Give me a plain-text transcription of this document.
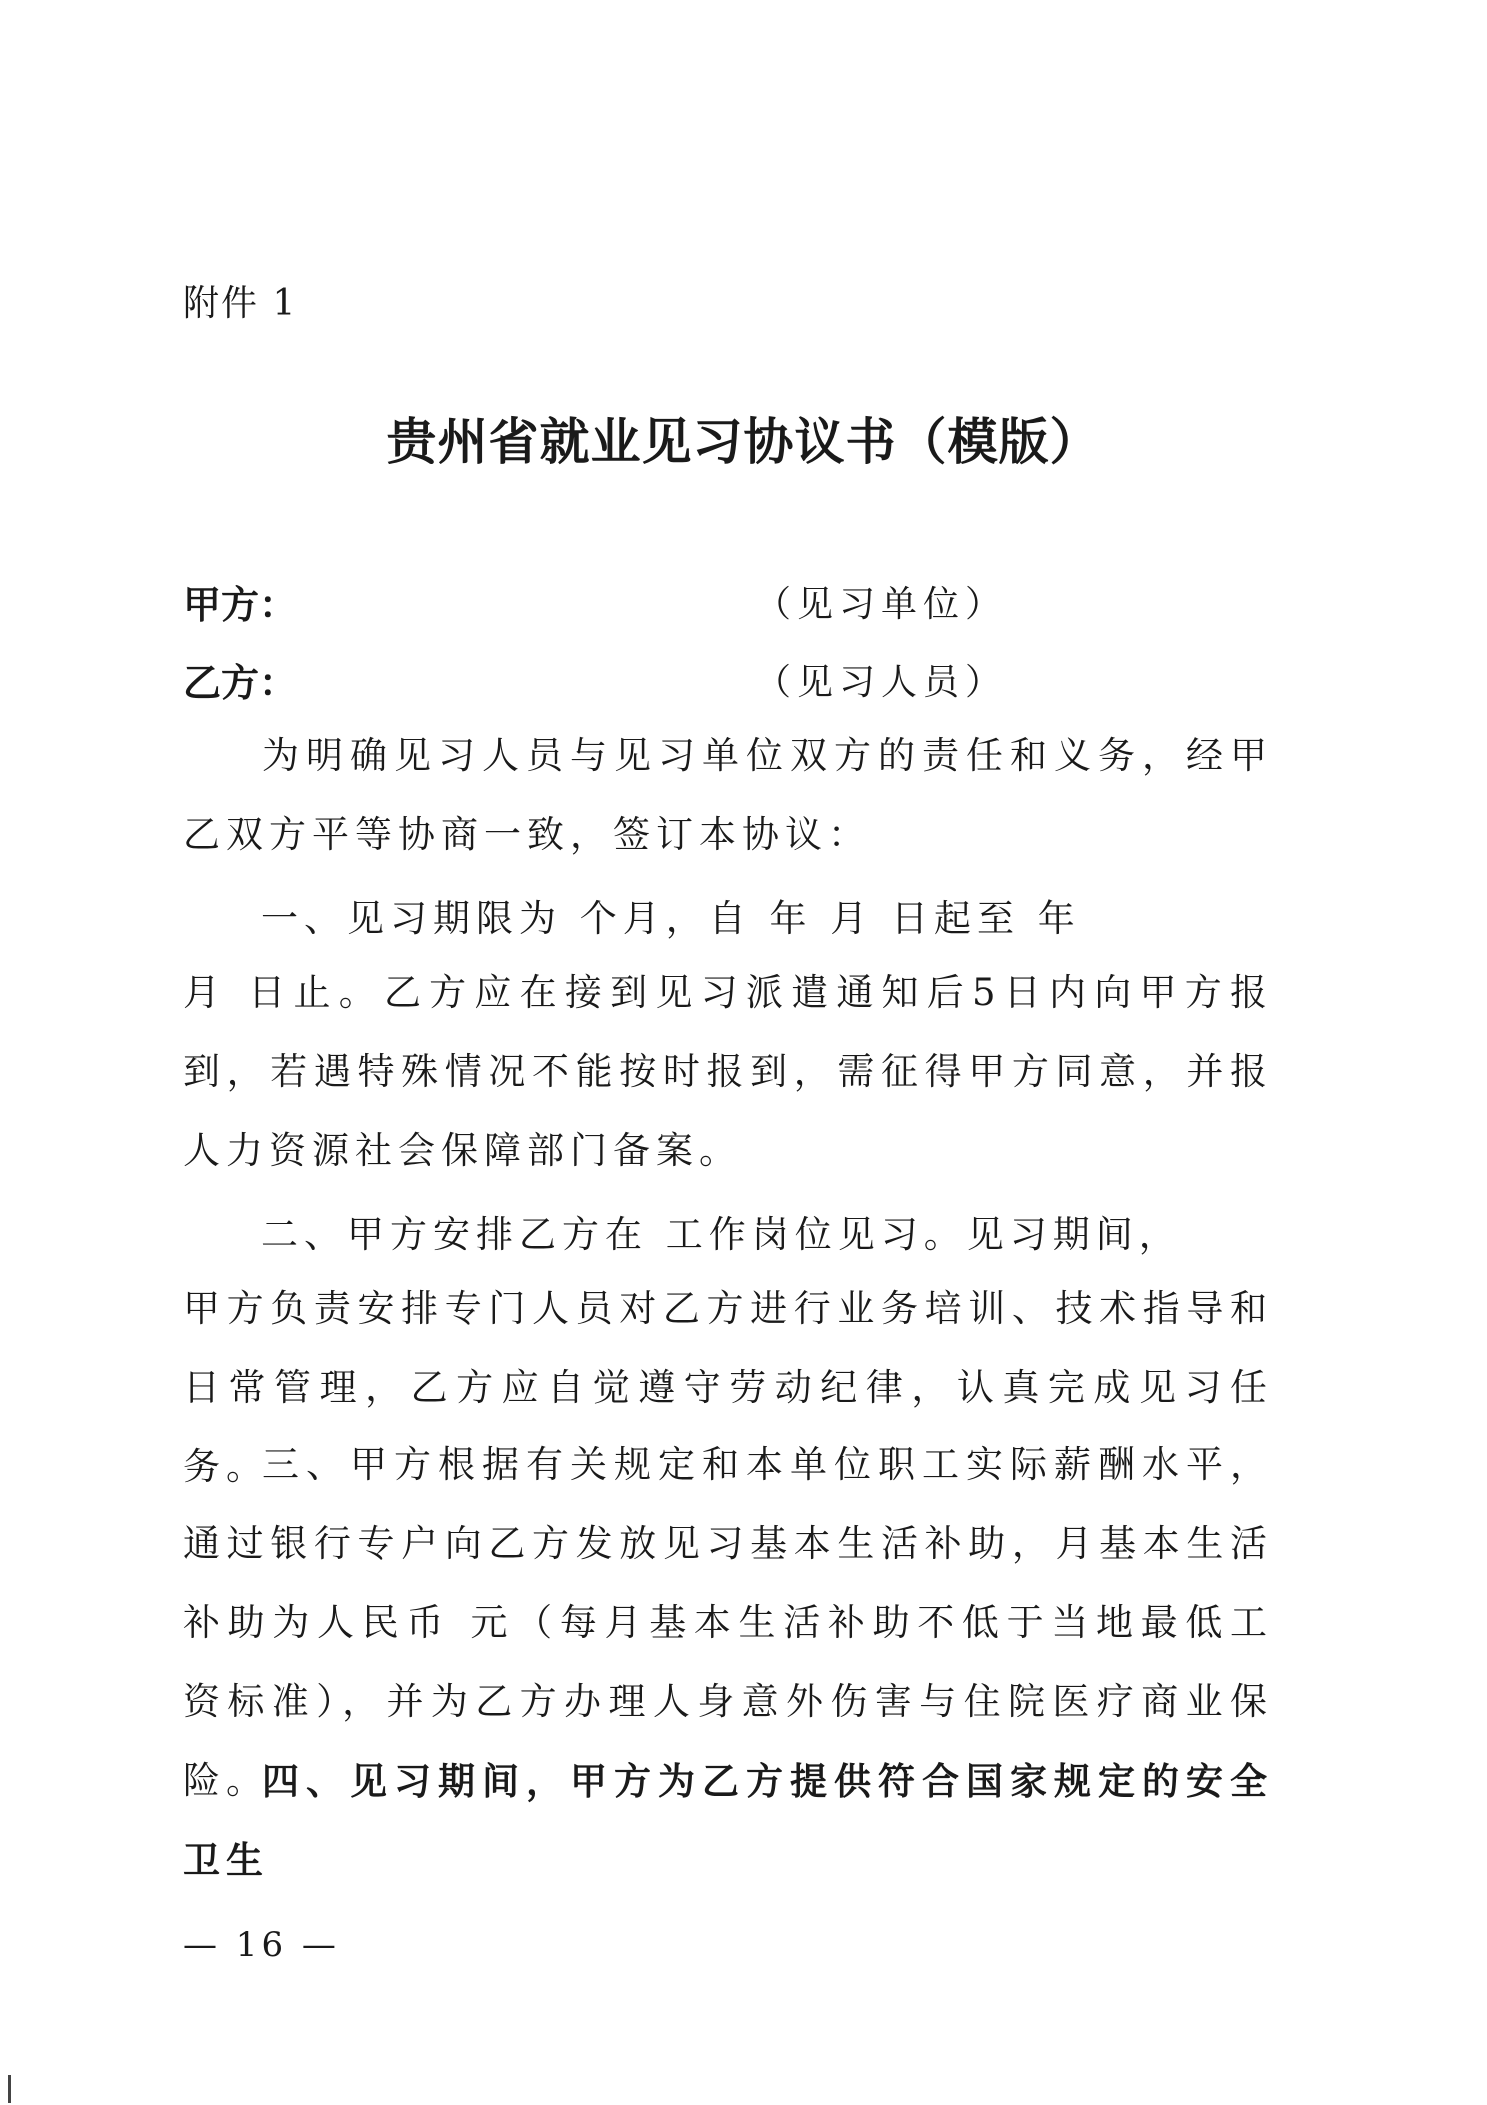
附件 1
贵州省就业见习协议书（模版）
甲方：	（见习单位）
乙方：	（见习人员）
为明确见习人员与见习单位双方的责任和义务，经甲乙双方平等协商一致，签订本协议：
一、见习期限为 个月，自 年 月 日起至 年
月 日止。乙方应在接到见习派遣通知后5日内向甲方报到，若遇特殊情况不能按时报到，需征得甲方同意，并报人力资源社会保障部门备案。
二、甲方安排乙方在 工作岗位见习。见习期间，
甲方负责安排专门人员对乙方进行业务培训、技术指导和日常管理，乙方应自觉遵守劳动纪律，认真完成见习任务。
三、甲方根据有关规定和本单位职工实际薪酬水平，通过银行专户向乙方发放见习基本生活补助，月基本生活补助为人民币 元（每月基本生活补助不低于当地最低工资标准），并为乙方办理人身意外伤害与住院医疗商业保险。
四、见习期间，甲方为乙方提供符合国家规定的安全卫生
— 16 —
